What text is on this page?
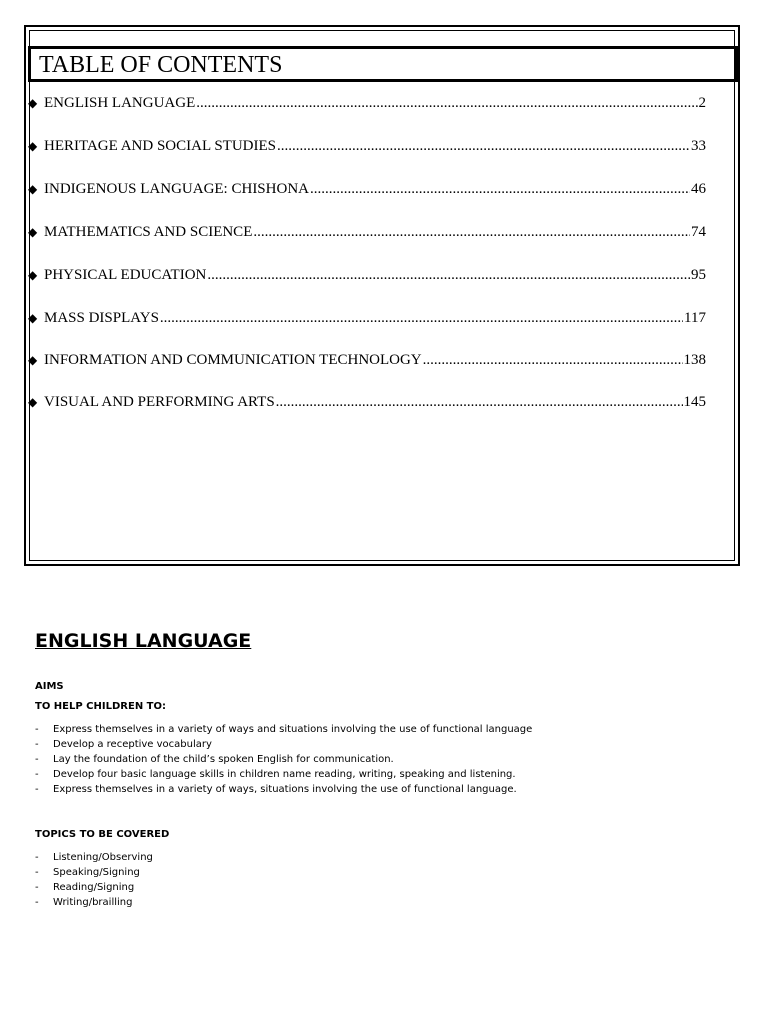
TABLE OF CONTENTS
◆ ENGLISH LANGUAGE .....	2
◆ HERITAGE AND SOCIAL STUDIES .....	33
◆ INDIGENOUS LANGUAGE: CHISHONA .....	46
◆ MATHEMATICS AND SCIENCE .....	74
◆ PHYSICAL EDUCATION .....	95
◆ MASS DISPLAYS .....	117
◆ INFORMATION AND COMMUNICATION TECHNOLOGY .....	138
◆ VISUAL AND PERFORMING ARTS .....	145
ENGLISH LANGUAGE
AIMS
TO HELP CHILDREN TO:
- Express themselves in a variety of ways and situations involving the use of functional language
- Develop a receptive vocabulary
- Lay the foundation of the child’s spoken English for communication.
- Develop four basic language skills in children name reading, writing, speaking and listening.
- Express themselves in a variety of ways, situations involving the use of functional language.
TOPICS TO BE COVERED
- Listening/Observing
- Speaking/Signing
- Reading/Signing
- Writing/brailling
